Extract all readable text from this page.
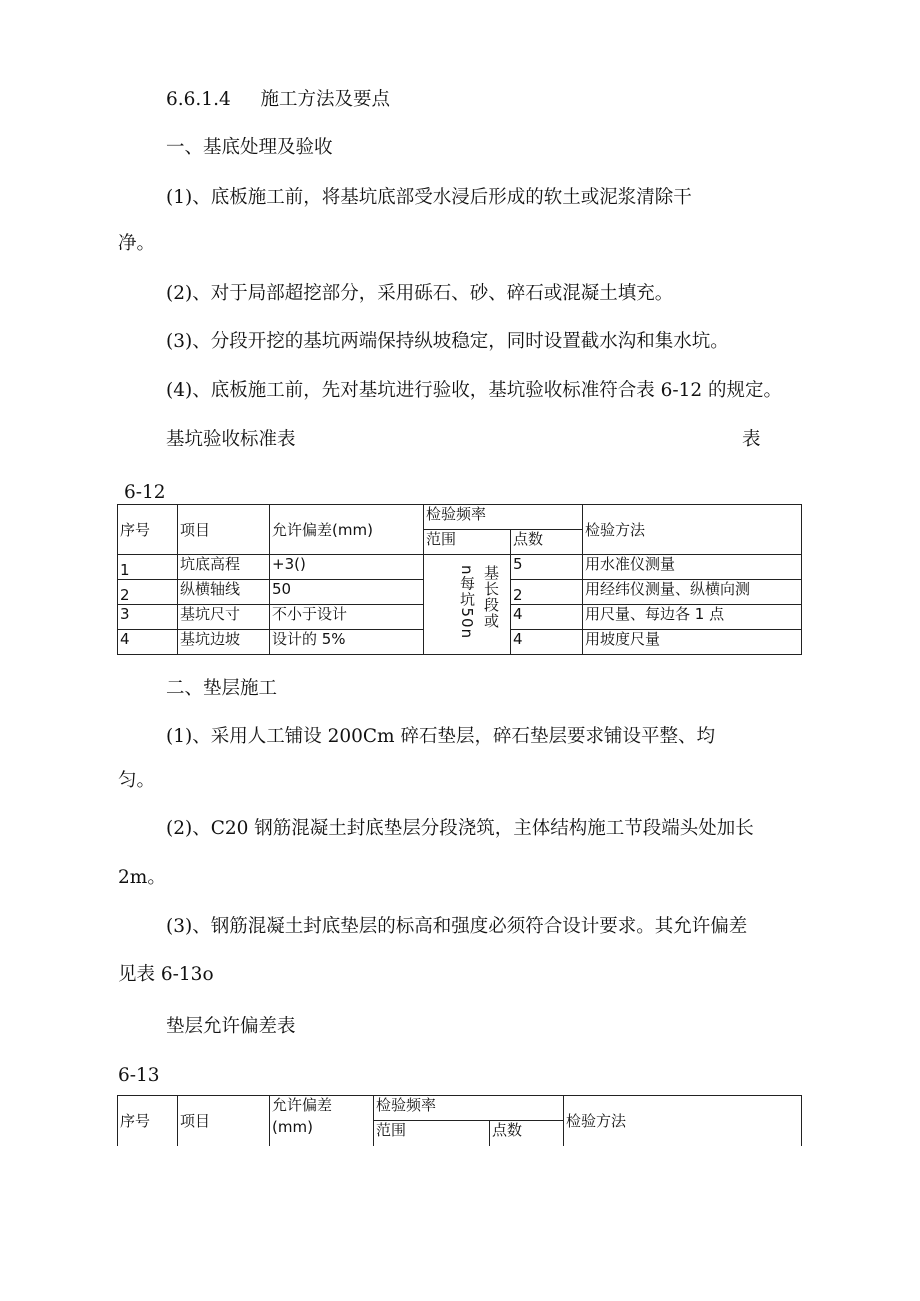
6.6.1.4 施工方法及要点
一、基底处理及验收
(1)、底板施工前，将基坑底部受水浸后形成的软土或泥浆清除干
净。
(2)、对于局部超挖部分，采用砾石、砂、碎石或混凝土填充。
(3)、分段开挖的基坑两端保持纵坡稳定，同时设置截水沟和集水坑。
(4)、底板施工前，先对基坑进行验收，基坑验收标准符合表 6-12 的规定。
基坑验收标准表	表
6-12
序号	项目	允许偏差(mm)	检验频率		检验方法
			范围	点数	
1	坑底高程	+3()	n每坑50n 基长段或	5	用水准仪测量
2	纵横轴线	50		2	用经纬仪测量、纵横向测
3	基坑尺寸	不小于设计		4	用尺量、每边各 1 点
4	基坑边坡	设计的 5%		4	用坡度尺量
二、垫层施工
(1)、采用人工铺设 200Cm 碎石垫层，碎石垫层要求铺设平整、均
匀。
(2)、C20 钢筋混凝土封底垫层分段浇筑，主体结构施工节段端头处加长
2m。
(3)、钢筋混凝土封底垫层的标高和强度必须符合设计要求。其允许偏差
见表 6-13o
垫层允许偏差表
6-13
序号	项目	允许偏差
(mm)	检验频率		检验方法
			范围	点数	
